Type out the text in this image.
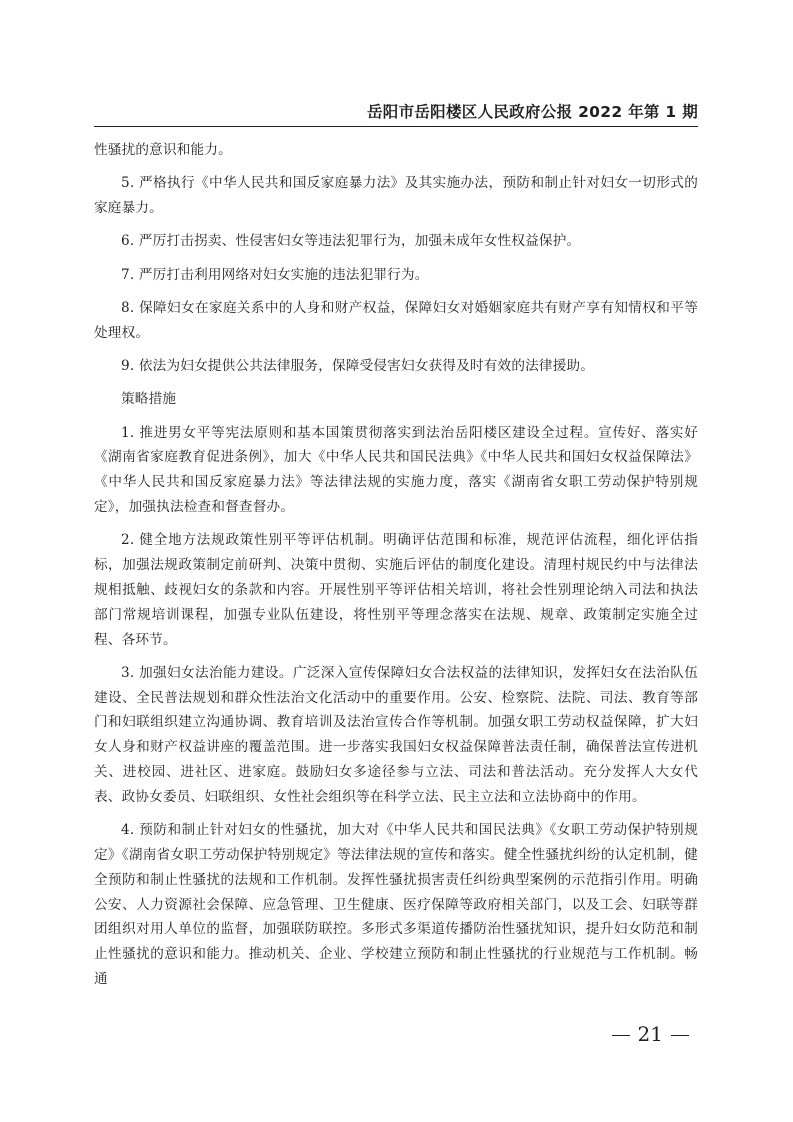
岳阳市岳阳楼区人民政府公报 2022 年第 1 期

性骚扰的意识和能力。

5. 严格执行《中华人民共和国反家庭暴力法》及其实施办法，预防和制止针对妇女一切形式的家庭暴力。

6. 严厉打击拐卖、性侵害妇女等违法犯罪行为，加强未成年女性权益保护。

7. 严厉打击利用网络对妇女实施的违法犯罪行为。

8. 保障妇女在家庭关系中的人身和财产权益，保障妇女对婚姻家庭共有财产享有知情权和平等处理权。

9. 依法为妇女提供公共法律服务，保障受侵害妇女获得及时有效的法律援助。

策略措施

1. 推进男女平等宪法原则和基本国策贯彻落实到法治岳阳楼区建设全过程。宣传好、落实好《湖南省家庭教育促进条例》，加大《中华人民共和国民法典》《中华人民共和国妇女权益保障法》《中华人民共和国反家庭暴力法》等法律法规的实施力度，落实《湖南省女职工劳动保护特别规定》，加强执法检查和督查督办。

2. 健全地方法规政策性别平等评估机制。明确评估范围和标准，规范评估流程，细化评估指标，加强法规政策制定前研判、决策中贯彻、实施后评估的制度化建设。清理村规民约中与法律法规相抵触、歧视妇女的条款和内容。开展性别平等评估相关培训，将社会性别理论纳入司法和执法部门常规培训课程，加强专业队伍建设，将性别平等理念落实在法规、规章、政策制定实施全过程、各环节。

3. 加强妇女法治能力建设。广泛深入宣传保障妇女合法权益的法律知识，发挥妇女在法治队伍建设、全民普法规划和群众性法治文化活动中的重要作用。公安、检察院、法院、司法、教育等部门和妇联组织建立沟通协调、教育培训及法治宣传合作等机制。加强女职工劳动权益保障，扩大妇女人身和财产权益讲座的覆盖范围。进一步落实我国妇女权益保障普法责任制，确保普法宣传进机关、进校园、进社区、进家庭。鼓励妇女多途径参与立法、司法和普法活动。充分发挥人大女代表、政协女委员、妇联组织、女性社会组织等在科学立法、民主立法和立法协商中的作用。

4. 预防和制止针对妇女的性骚扰，加大对《中华人民共和国民法典》《女职工劳动保护特别规定》《湖南省女职工劳动保护特别规定》等法律法规的宣传和落实。健全性骚扰纠纷的认定机制，健全预防和制止性骚扰的法规和工作机制。发挥性骚扰损害责任纠纷典型案例的示范指引作用。明确公安、人力资源社会保障、应急管理、卫生健康、医疗保障等政府相关部门，以及工会、妇联等群团组织对用人单位的监督，加强联防联控。多形式多渠道传播防治性骚扰知识，提升妇女防范和制止性骚扰的意识和能力。推动机关、企业、学校建立预防和制止性骚扰的行业规范与工作机制。畅通

21
